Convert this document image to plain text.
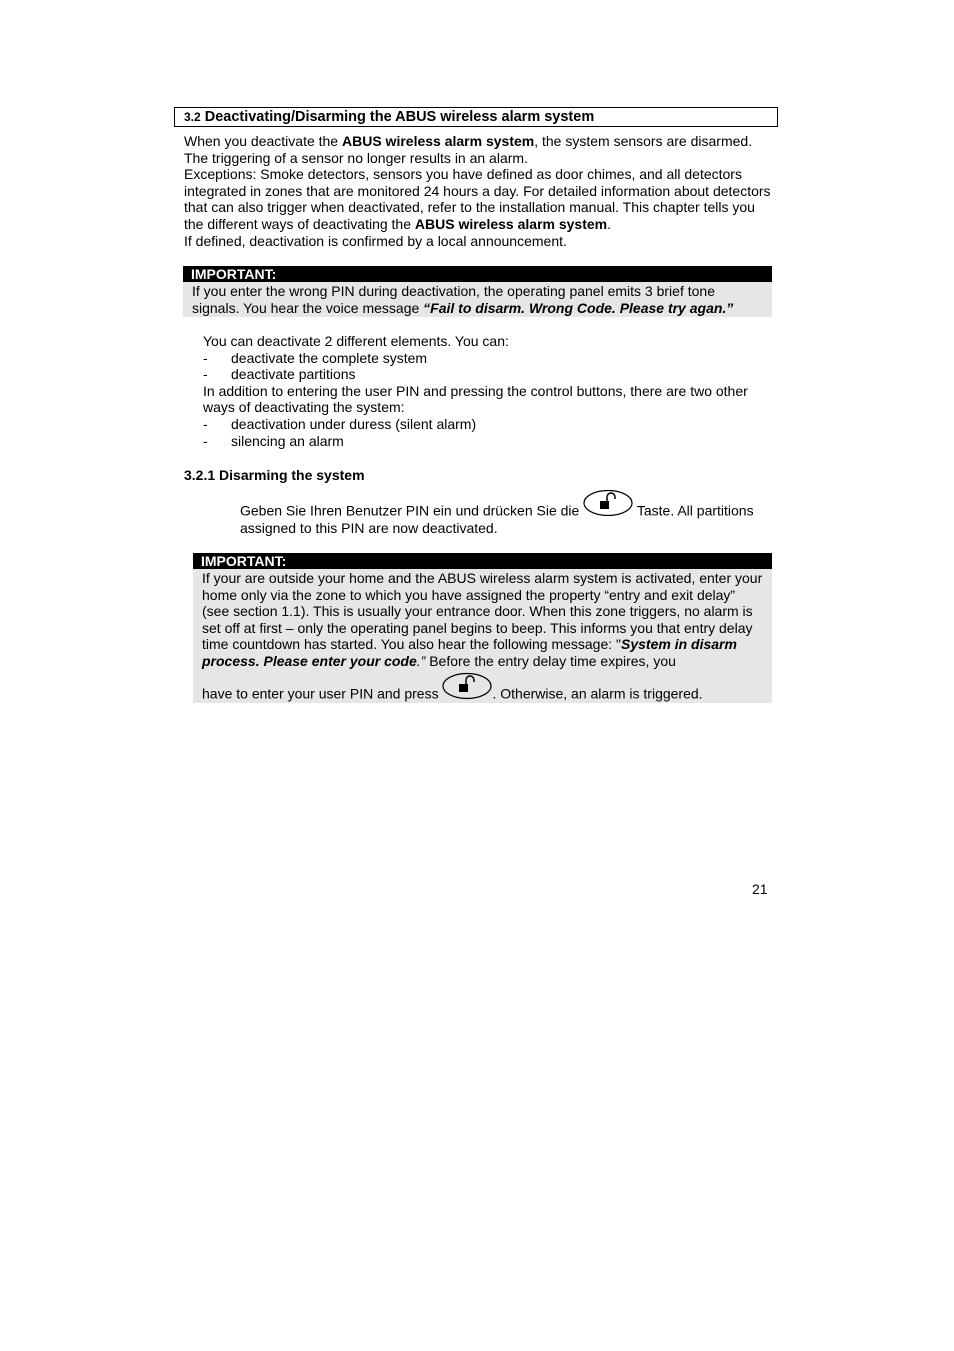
3.2 Deactivating/Disarming the ABUS wireless alarm system

When you deactivate the ABUS wireless alarm system, the system sensors are disarmed.

The triggering of a sensor no longer results in an alarm.

Exceptions: Smoke detectors, sensors you have defined as door chimes, and all detectors integrated in zones that are monitored 24 hours a day. For detailed information about detectors that can also trigger when deactivated, refer to the installation manual. This chapter tells you the different ways of deactivating the ABUS wireless alarm system.

If defined, deactivation is confirmed by a local announcement.

IMPORTANT:

If you enter the wrong PIN during deactivation, the operating panel emits 3 brief tone signals. You hear the voice message “Fail to disarm. Wrong Code. Please try agan.”

You can deactivate 2 different elements. You can:

- deactivate the complete system
- deactivate partitions

In addition to entering the user PIN and pressing the control buttons, there are two other ways of deactivating the system:

- deactivation under duress (silent alarm)
- silencing an alarm
3.2.1 Disarming the system
Geben Sie Ihren Benutzer PIN ein und drücken Sie die	Taste. All partitions
assigned to this PIN are now deactivated.
IMPORTANT:

If your are outside your home and the ABUS wireless alarm system is activated, enter your home only via the zone to which you have assigned the property “entry and exit delay” (see section 1.1). This is usually your entrance door. When this zone triggers, no alarm is set off at first – only the operating panel begins to beep. This informs you that entry delay time countdown has started. You also hear the following message: "System in disarm process. Please enter your code.” Before the entry delay time expires, you

have to enter your user PIN and press	. Otherwise, an alarm is triggered.

21
